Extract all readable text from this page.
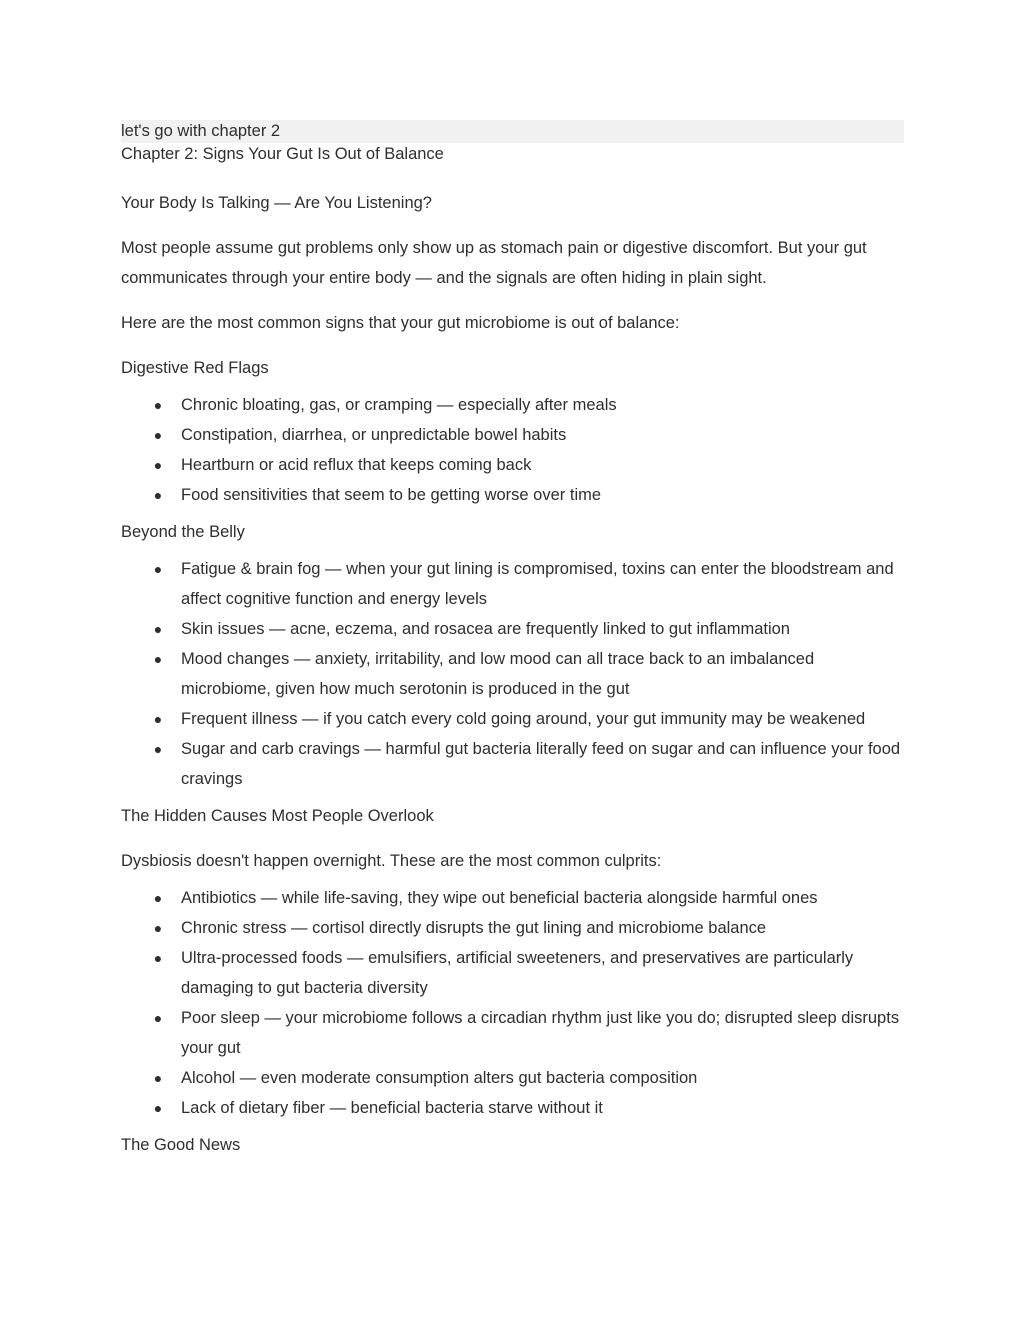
let's go with chapter 2

Chapter 2: Signs Your Gut Is Out of Balance

Your Body Is Talking — Are You Listening?

Most people assume gut problems only show up as stomach pain or digestive discomfort. But your gut communicates through your entire body — and the signals are often hiding in plain sight.

Here are the most common signs that your gut microbiome is out of balance:

Digestive Red Flags

● Chronic bloating, gas, or cramping — especially after meals
● Constipation, diarrhea, or unpredictable bowel habits
● Heartburn or acid reflux that keeps coming back
● Food sensitivities that seem to be getting worse over time

Beyond the Belly

● Fatigue & brain fog — when your gut lining is compromised, toxins can enter the bloodstream and affect cognitive function and energy levels
● Skin issues — acne, eczema, and rosacea are frequently linked to gut inflammation
● Mood changes — anxiety, irritability, and low mood can all trace back to an imbalanced microbiome, given how much serotonin is produced in the gut
● Frequent illness — if you catch every cold going around, your gut immunity may be weakened
● Sugar and carb cravings — harmful gut bacteria literally feed on sugar and can influence your food cravings

The Hidden Causes Most People Overlook

Dysbiosis doesn't happen overnight. These are the most common culprits:

● Antibiotics — while life-saving, they wipe out beneficial bacteria alongside harmful ones
● Chronic stress — cortisol directly disrupts the gut lining and microbiome balance
● Ultra-processed foods — emulsifiers, artificial sweeteners, and preservatives are particularly damaging to gut bacteria diversity
● Poor sleep — your microbiome follows a circadian rhythm just like you do; disrupted sleep disrupts your gut
● Alcohol — even moderate consumption alters gut bacteria composition
● Lack of dietary fiber — beneficial bacteria starve without it

The Good News
